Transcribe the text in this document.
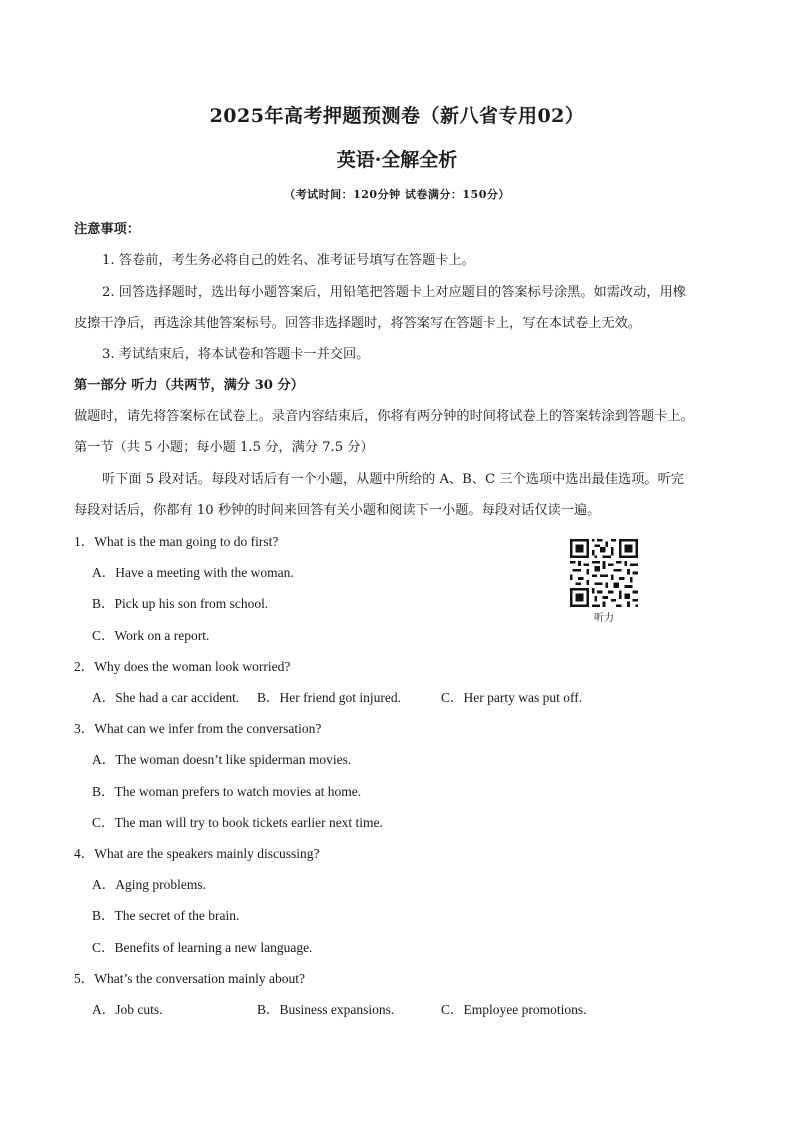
2025年高考押题预测卷（新八省专用02）
英语·全解全析
（考试时间：120分钟 试卷满分：150分）
注意事项：
1. 答卷前，考生务必将自己的姓名、准考证号填写在答题卡上。
2. 回答选择题时，选出每小题答案后，用铅笔把答题卡上对应题目的答案标号涂黑。如需改动，用橡
皮擦干净后，再选涂其他答案标号。回答非选择题时，将答案写在答题卡上，写在本试卷上无效。
3. 考试结束后，将本试卷和答题卡一并交回。
第一部分 听力（共两节，满分 30 分）
做题时，请先将答案标在试卷上。录音内容结束后，你将有两分钟的时间将试卷上的答案转涂到答题卡上。
第一节（共 5 小题；每小题 1.5 分，满分 7.5 分）
听下面 5 段对话。每段对话后有一个小题，从题中所给的 A、B、C 三个选项中选出最佳选项。听完
每段对话后，你都有 10 秒钟的时间来回答有关小题和阅读下一小题。每段对话仅读一遍。
听力
1．What is the man going to do first?
A．Have a meeting with the woman.
B．Pick up his son from school.
C．Work on a report.
2．Why does the woman look worried?
A．She had a car accident. B．Her friend got injured.	C．Her party was put off.
3．What can we infer from the conversation?
A．The woman doesn’t like spiderman movies.
B．The woman prefers to watch movies at home.
C．The man will try to book tickets earlier next time.
4．What are the speakers mainly discussing?
A．Aging problems.
B．The secret of the brain.
C．Benefits of learning a new language.
5．What’s the conversation mainly about?
A．Job cuts.	B．Business expansions.	C．Employee promotions.
